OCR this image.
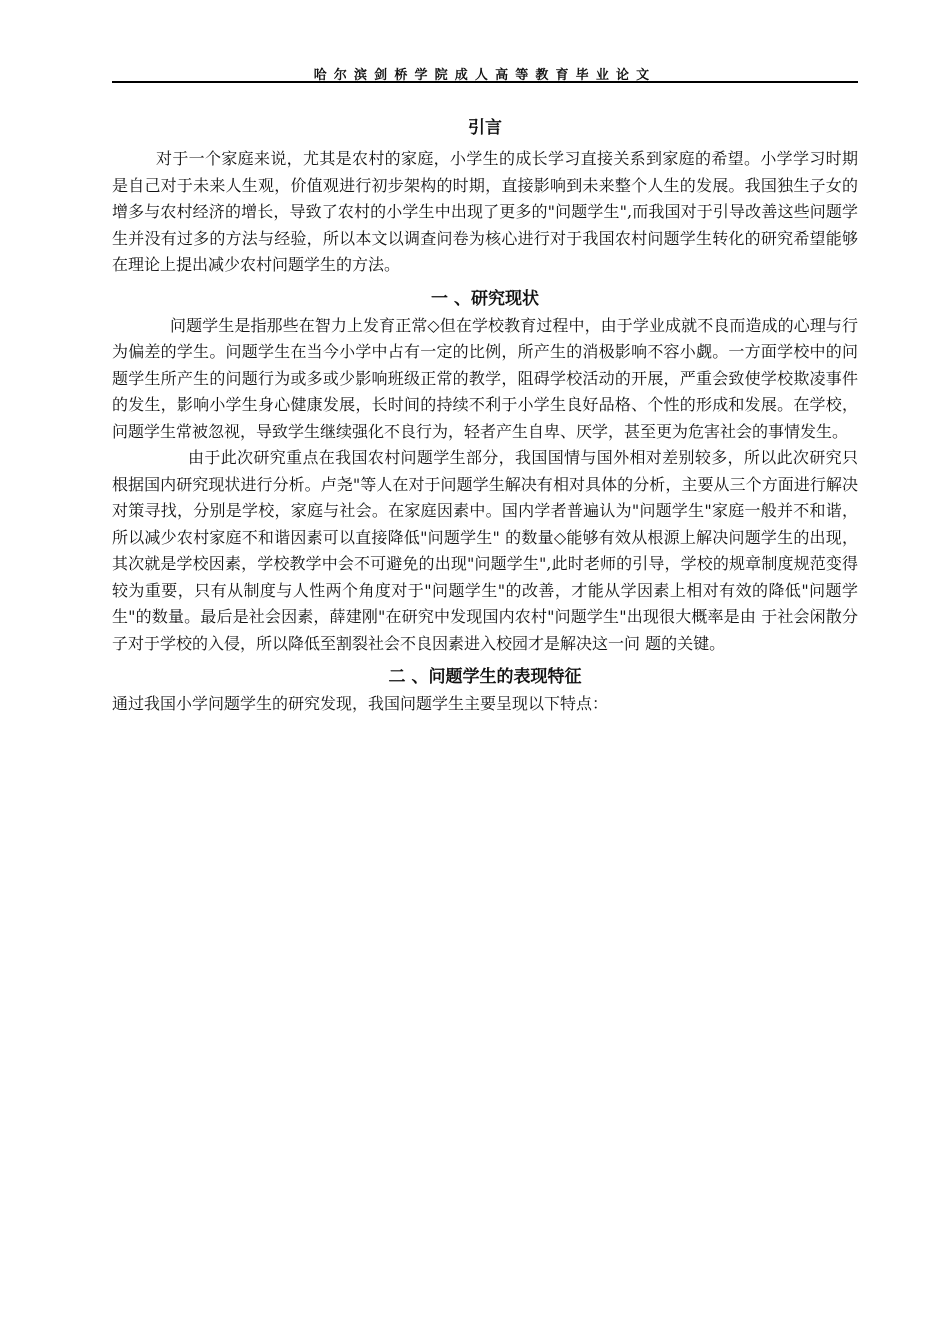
哈尔滨剑桥学院成人高等教育毕业论文
引言

对于一个家庭来说，尤其是农村的家庭，小学生的成长学习直接关系到家庭的希望。小学学习时期是自己对于未来人生观，价值观进行初步架构的时期，直接影响到未来整个人生的发展。我国独生子女的增多与农村经济的增长，导致了农村的小学生中出现了更多的"问题学生",而我国对于引导改善这些问题学生并没有过多的方法与经验，所以本文以调查问卷为核心进行对于我国农村问题学生转化的研究希望能够在理论上提出减少农村问题学生的方法。

一 、研究现状

问题学生是指那些在智力上发育正常◇但在学校教育过程中，由于学业成就不良而造成的心理与行为偏差的学生。问题学生在当今小学中占有一定的比例，所产生的消极影响不容小觑。一方面学校中的问题学生所产生的问题行为或多或少影响班级正常的教学，阻碍学校活动的开展，严重会致使学校欺凌事件的发生，影响小学生身心健康发展，长时间的持续不利于小学生良好品格、个性的形成和发展。在学校，问题学生常被忽视，导致学生继续强化不良行为，轻者产生自卑、厌学，甚至更为危害社会的事情发生。

由于此次研究重点在我国农村问题学生部分，我国国情与国外相对差别较多，所以此次研究只根据国内研究现状进行分析。卢尧"等人在对于问题学生解决有相对具体的分析，主要从三个方面进行解决对策寻找，分别是学校，家庭与社会。在家庭因素中。国内学者普遍认为"问题学生"家庭一般并不和谐，所以减少农村家庭不和谐因素可以直接降低"问题学生" 的数量◇能够有效从根源上解决问题学生的出现，其次就是学校因素，学校教学中会不可避免的出现"问题学生",此时老师的引导，学校的规章制度规范变得较为重要，只有从制度与人性两个角度对于"问题学生"的改善，才能从学因素上相对有效的降低"问题学生"的数量。最后是社会因素，薛建刚"在研究中发现国内农村"问题学生"出现很大概率是由 于社会闲散分子对于学校的入侵，所以降低至割裂社会不良因素进入校园才是解决这一问 题的关键。

二 、问题学生的表现特征

通过我国小学问题学生的研究发现，我国问题学生主要呈现以下特点：
